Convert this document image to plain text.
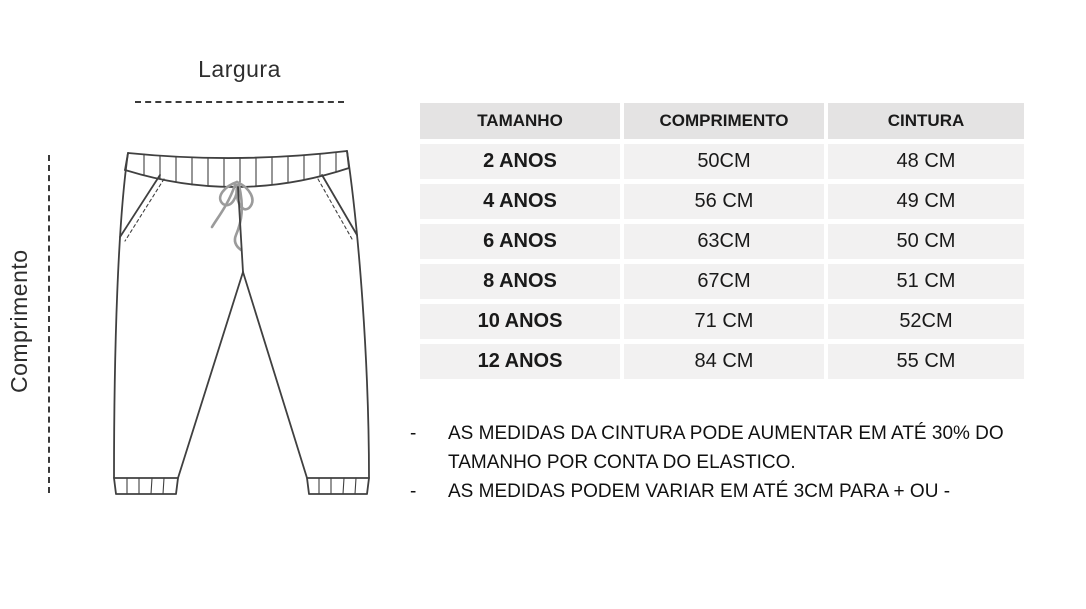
Largura
Comprimento
TAMANHO	COMPRIMENTO	CINTURA
2 ANOS	50CM	48 CM
4 ANOS	56 CM	49 CM
6 ANOS	63CM	50 CM
8 ANOS	67CM	51 CM
10 ANOS	71 CM	52CM
12 ANOS	84 CM	55 CM
-	AS MEDIDAS DA CINTURA PODE AUMENTAR EM ATÉ 30% DO TAMANHO POR CONTA DO ELASTICO.
-	AS MEDIDAS PODEM VARIAR EM ATÉ 3CM PARA + OU -
